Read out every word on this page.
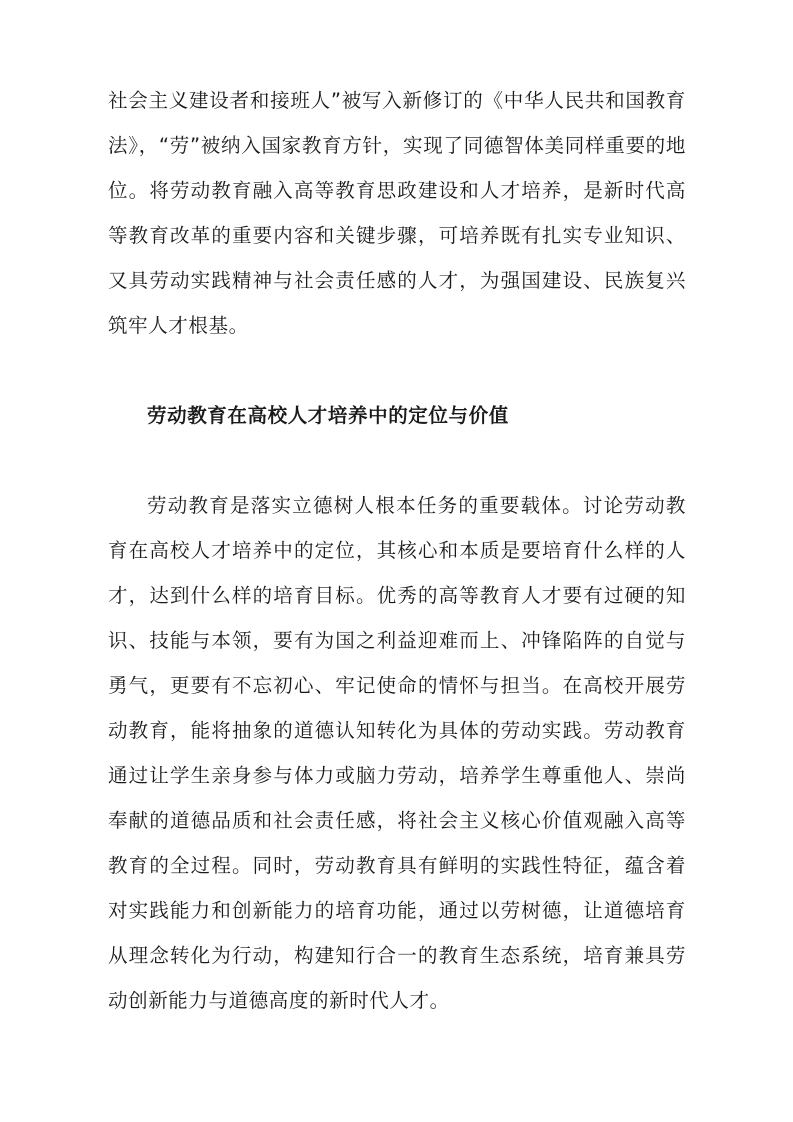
社会主义建设者和接班人”被写入新修订的《中华人民共和国教育法》，“劳”被纳入国家教育方针，实现了同德智体美同样重要的地位。将劳动教育融入高等教育思政建设和人才培养，是新时代高等教育改革的重要内容和关键步骤，可培养既有扎实专业知识、又具劳动实践精神与社会责任感的人才，为强国建设、民族复兴筑牢人才根基。

劳动教育在高校人才培养中的定位与价值

劳动教育是落实立德树人根本任务的重要载体。讨论劳动教育在高校人才培养中的定位，其核心和本质是要培育什么样的人才，达到什么样的培育目标。优秀的高等教育人才要有过硬的知识、技能与本领，要有为国之利益迎难而上、冲锋陷阵的自觉与勇气，更要有不忘初心、牢记使命的情怀与担当。在高校开展劳动教育，能将抽象的道德认知转化为具体的劳动实践。劳动教育通过让学生亲身参与体力或脑力劳动，培养学生尊重他人、崇尚奉献的道德品质和社会责任感，将社会主义核心价值观融入高等教育的全过程。同时，劳动教育具有鲜明的实践性特征，蕴含着对实践能力和创新能力的培育功能，通过以劳树德，让道德培育从理念转化为行动，构建知行合一的教育生态系统，培育兼具劳动创新能力与道德高度的新时代人才。
